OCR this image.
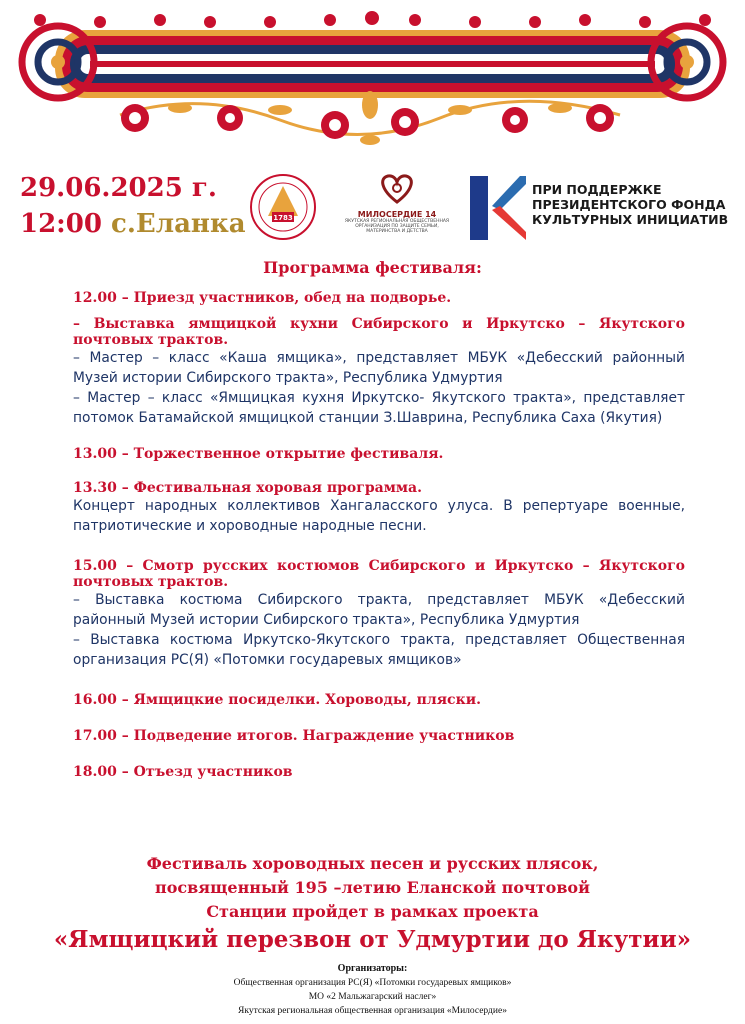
29.06.2025 г.
12:00 с.Еланка	1783	МИЛОСЕРДИЕ 14
ЯКУТСКАЯ РЕГИОНАЛЬНАЯ ОБЩЕСТВЕННАЯ ОРГАНИЗАЦИЯ ПО ЗАЩИТЕ СЕМЬИ, МАТЕРИНСТВА И ДЕТСТВА
ПРИ ПОДДЕРЖКЕ
ПРЕЗИДЕНТСКОГО ФОНДА
КУЛЬТУРНЫХ ИНИЦИАТИВ
Программа фестиваля:
12.00 – Приезд участников, обед на подворье.
– Выставка ямщицкой кухни Сибирского и Иркутско – Якутского почтовых трактов.
– Мастер – класс «Каша ямщика», представляет МБУК «Дебесский районный Музей истории Сибирского тракта», Республика Удмуртия
– Мастер – класс «Ямщицкая кухня Иркутско- Якутского тракта», представляет потомок Батамайской ямщицкой станции З.Шаврина, Республика Саха (Якутия)
13.00 – Торжественное открытие фестиваля.
13.30 – Фестивальная хоровая программа.
Концерт народных коллективов Хангаласского улуса. В репертуаре военные, патриотические и хороводные народные песни.
15.00 – Смотр русских костюмов Сибирского и Иркутско – Якутского почтовых трактов.
– Выставка костюма Сибирского тракта, представляет МБУК «Дебесский районный Музей истории Сибирского тракта», Республика Удмуртия
– Выставка костюма Иркутско-Якутского тракта, представляет Общественная организация РС(Я) «Потомки государевых ямщиков»
16.00 – Ямщицкие посиделки. Хороводы, пляски.
17.00 – Подведение итогов. Награждение участников
18.00 – Отъезд участников
Фестиваль хороводных песен и русских плясок,
посвященный 195 –летию Еланской почтовой
Станции пройдет в рамках проекта
«Ямщицкий перезвон от Удмуртии до Якутии»
Организаторы:
Общественная организация РС(Я) «Потомки государевых ямщиков»
МО «2 Мальжагарский наслег»
Якутская региональная общественная организация «Милосердие»
